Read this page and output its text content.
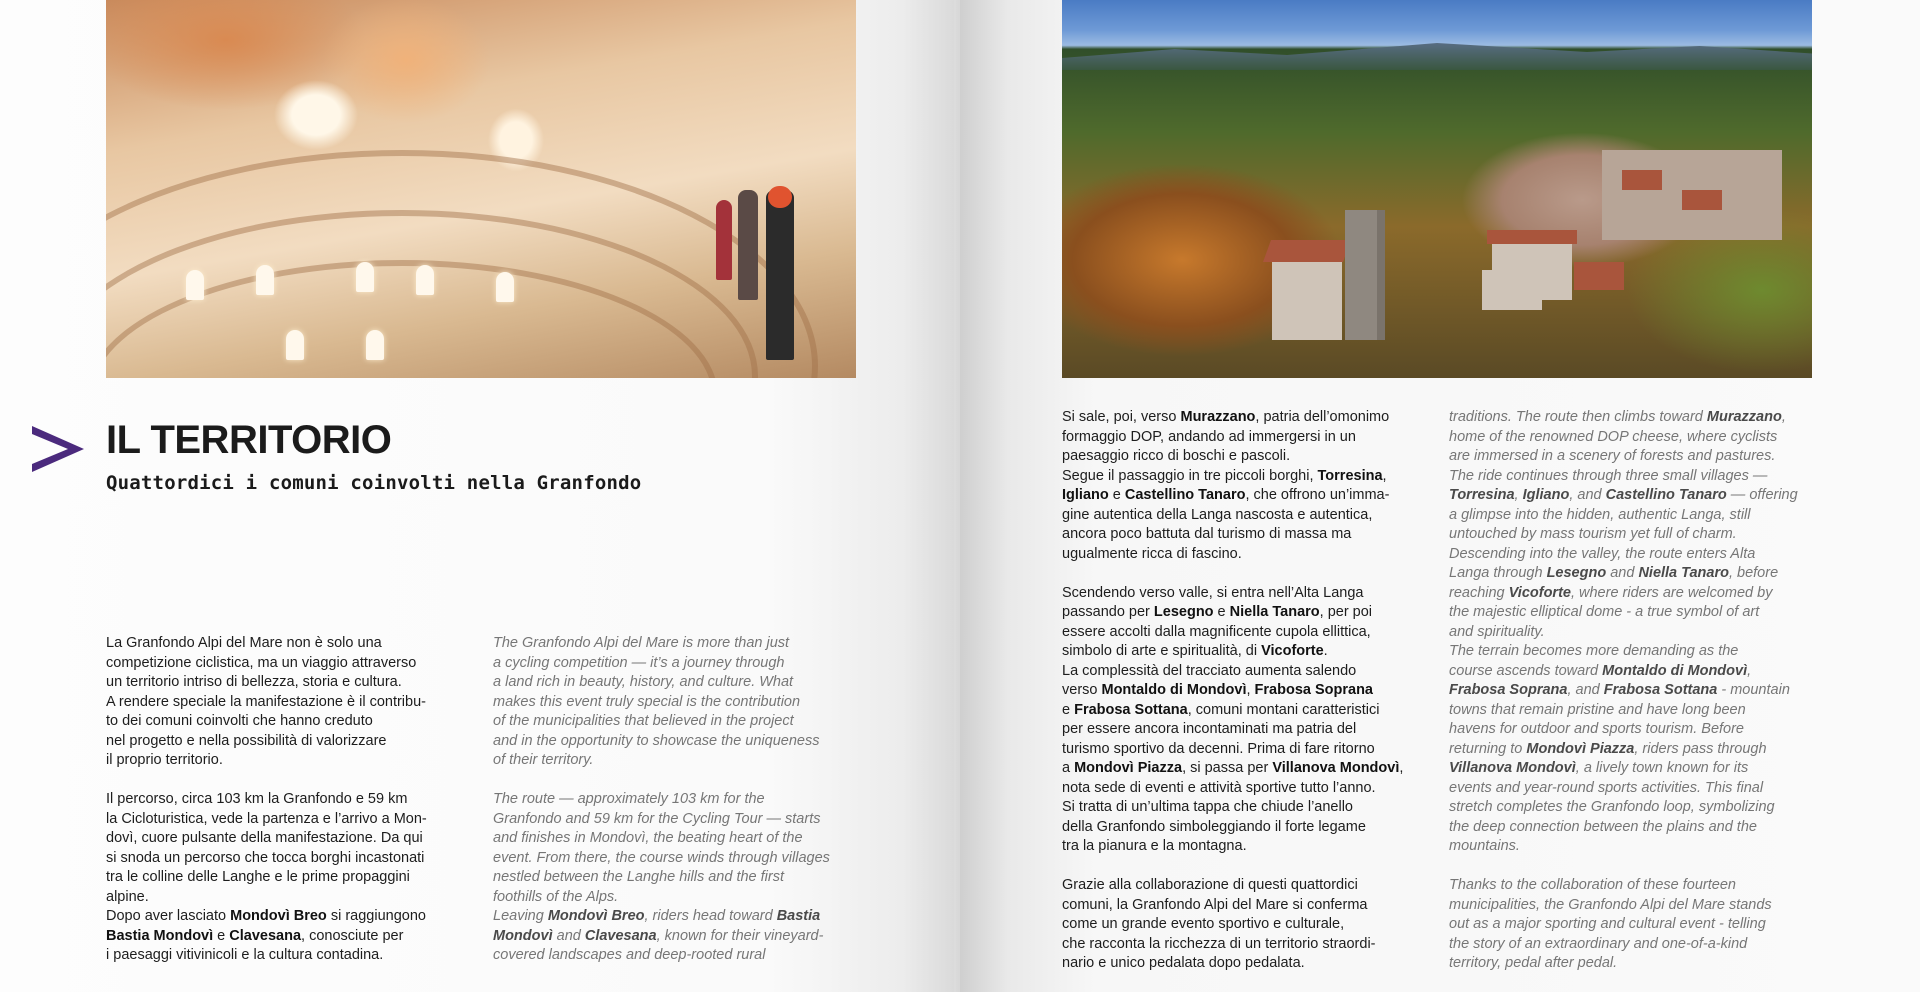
IL TERRITORIO
Quattordici i comuni coinvolti nella Granfondo

La Granfondo Alpi del Mare non è solo una

competizione ciclistica, ma un viaggio attraverso

un territorio intriso di bellezza, storia e cultura.

A rendere speciale la manifestazione è il contribu-

to dei comuni coinvolti che hanno creduto

nel progetto e nella possibilità di valorizzare

il proprio territorio.

Il percorso, circa 103 km la Granfondo e 59 km

la Cicloturistica, vede la partenza e l’arrivo a Mon-

dovì, cuore pulsante della manifestazione. Da qui

si snoda un percorso che tocca borghi incastonati

tra le colline delle Langhe e le prime propaggini

alpine.

Dopo aver lasciato Mondovì Breo si raggiungono

Bastia Mondovì e Clavesana, conosciute per

i paesaggi vitivinicoli e la cultura contadina.

The Granfondo Alpi del Mare is more than just

a cycling competition — it’s a journey through

a land rich in beauty, history, and culture. What

makes this event truly special is the contribution

of the municipalities that believed in the project

and in the opportunity to showcase the uniqueness

of their territory.

The route — approximately 103 km for the

Granfondo and 59 km for the Cycling Tour — starts

and finishes in Mondovì, the beating heart of the

event. From there, the course winds through villages

nestled between the Langhe hills and the first

foothills of the Alps.

Leaving Mondovì Breo, riders head toward Bastia

Mondovì and Clavesana, known for their vineyard-

covered landscapes and deep-rooted rural

Si sale, poi, verso Murazzano, patria dell’omonimo

formaggio DOP, andando ad immergersi in un

paesaggio ricco di boschi e pascoli.

Segue il passaggio in tre piccoli borghi, Torresina,

Igliano e Castellino Tanaro, che offrono un’imma-

gine autentica della Langa nascosta e autentica,

ancora poco battuta dal turismo di massa ma

ugualmente ricca di fascino.

Scendendo verso valle, si entra nell’Alta Langa

passando per Lesegno e Niella Tanaro, per poi

essere accolti dalla magnificente cupola ellittica,

simbolo di arte e spiritualità, di Vicoforte.

La complessità del tracciato aumenta salendo

verso Montaldo di Mondovì, Frabosa Soprana

e Frabosa Sottana, comuni montani caratteristici

per essere ancora incontaminati ma patria del

turismo sportivo da decenni. Prima di fare ritorno

a Mondovì Piazza, si passa per Villanova Mondovì,

nota sede di eventi e attività sportive tutto l’anno.

Si tratta di un’ultima tappa che chiude l’anello

della Granfondo simboleggiando il forte legame

tra la pianura e la montagna.

Grazie alla collaborazione di questi quattordici

comuni, la Granfondo Alpi del Mare si conferma

come un grande evento sportivo e culturale,

che racconta la ricchezza di un territorio straordi-

nario e unico pedalata dopo pedalata.

traditions. The route then climbs toward Murazzano,

home of the renowned DOP cheese, where cyclists

are immersed in a scenery of forests and pastures.

The ride continues through three small villages —

Torresina, Igliano, and Castellino Tanaro — offering

a glimpse into the hidden, authentic Langa, still

untouched by mass tourism yet full of charm.

Descending into the valley, the route enters Alta

Langa through Lesegno and Niella Tanaro, before

reaching Vicoforte, where riders are welcomed by

the majestic elliptical dome - a true symbol of art

and spirituality.

The terrain becomes more demanding as the

course ascends toward Montaldo di Mondovì,

Frabosa Soprana, and Frabosa Sottana - mountain

towns that remain pristine and have long been

havens for outdoor and sports tourism. Before

returning to Mondovì Piazza, riders pass through

Villanova Mondovì, a lively town known for its

events and year-round sports activities. This final

stretch completes the Granfondo loop, symbolizing

the deep connection between the plains and the

mountains.

Thanks to the collaboration of these fourteen

municipalities, the Granfondo Alpi del Mare stands

out as a major sporting and cultural event - telling

the story of an extraordinary and one-of-a-kind

territory, pedal after pedal.
